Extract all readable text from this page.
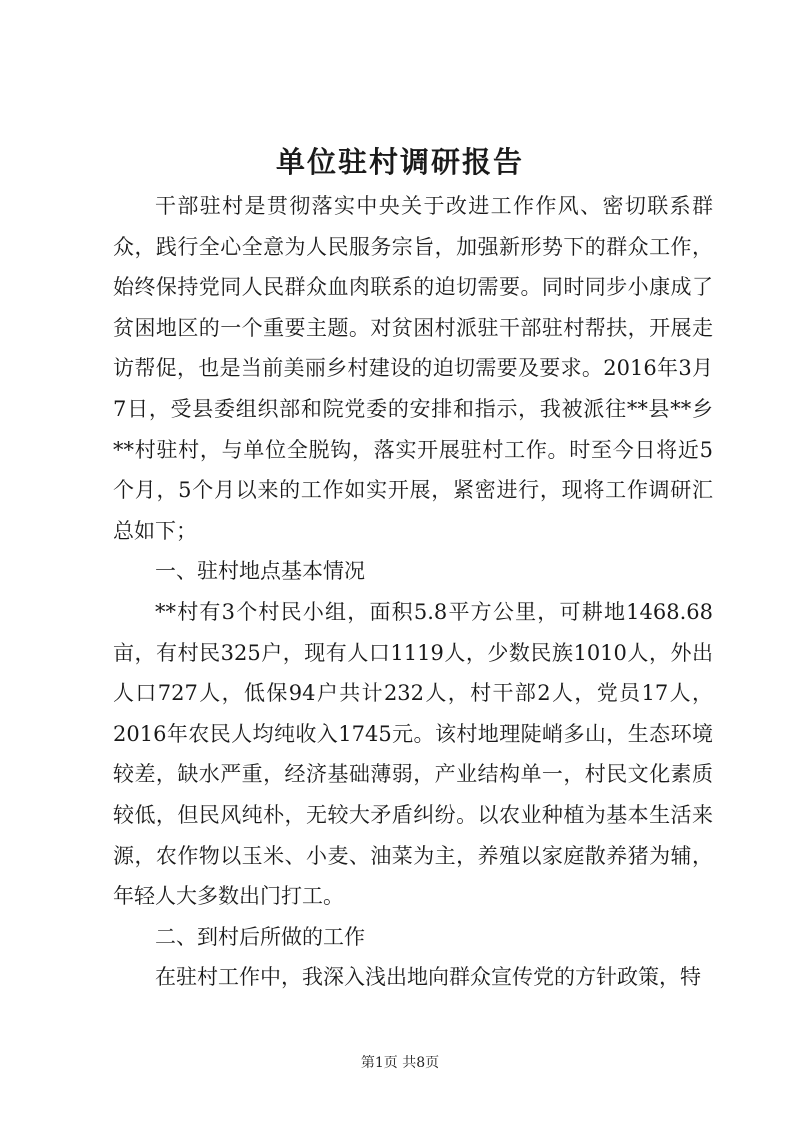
单位驻村调研报告

干部驻村是贯彻落实中央关于改进工作作风、密切联系群众，践行全心全意为人民服务宗旨，加强新形势下的群众工作，始终保持党同人民群众血肉联系的迫切需要。同时同步小康成了贫困地区的一个重要主题。对贫困村派驻干部驻村帮扶，开展走访帮促，也是当前美丽乡村建设的迫切需要及要求。2016年3月7日，受县委组织部和院党委的安排和指示，我被派往**县**乡**村驻村，与单位全脱钩，落实开展驻村工作。时至今日将近5个月，5个月以来的工作如实开展，紧密进行，现将工作调研汇总如下；

一、驻村地点基本情况

**村有3个村民小组，面积5.8平方公里，可耕地1468.68亩，有村民325户，现有人口1119人，少数民族1010人，外出人口727人，低保94户共计232人，村干部2人，党员17人，2016年农民人均纯收入1745元。该村地理陡峭多山，生态环境较差，缺水严重，经济基础薄弱，产业结构单一，村民文化素质较低，但民风纯朴，无较大矛盾纠纷。以农业种植为基本生活来源，农作物以玉米、小麦、油菜为主，养殖以家庭散养猪为辅，年轻人大多数出门打工。

二、到村后所做的工作

在驻村工作中，我深入浅出地向群众宣传党的方针政策，特

第1页 共8页
